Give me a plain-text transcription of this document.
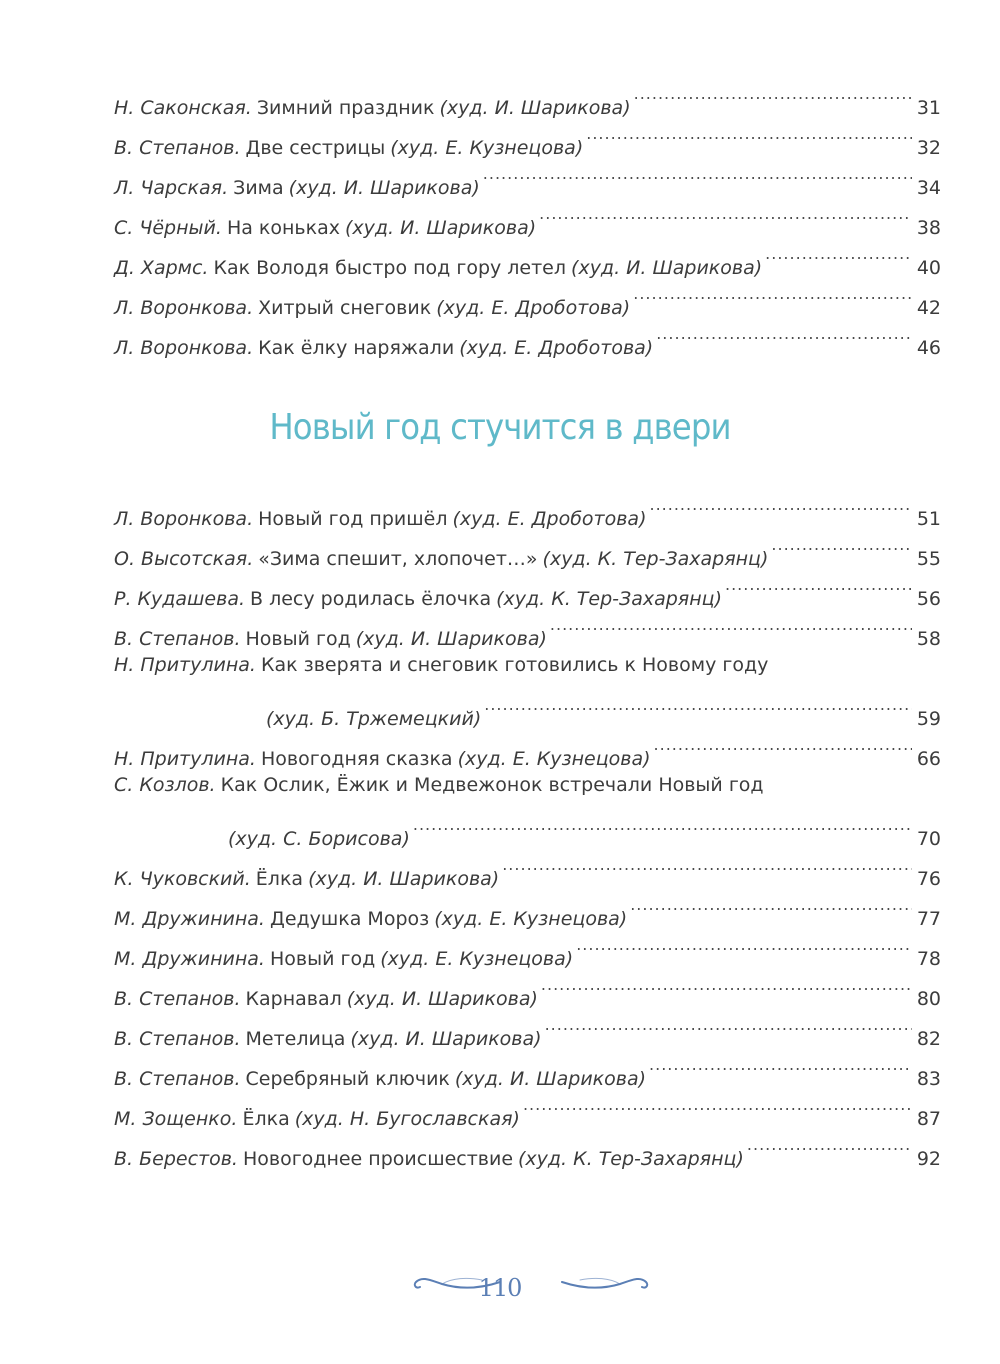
Н. Саконская. Зимний праздник (худ. И. Шарикова) .....	31
В. Степанов. Две сестрицы (худ. Е. Кузнецова) .....	32
Л. Чарская. Зима (худ. И. Шарикова) .....	34
С. Чёрный. На коньках (худ. И. Шарикова) .....	38
Д. Хармс. Как Володя быстро под гору летел (худ. И. Шарикова) .....	40
Л. Воронкова. Хитрый снеговик (худ. Е. Дроботова) .....	42
Л. Воронкова. Как ёлку наряжали (худ. Е. Дроботова) .....	46
Новый год стучится в двери
Л. Воронкова. Новый год пришёл (худ. Е. Дроботова) .....	51
О. Высотская. «Зима спешит, хлопочет…» (худ. К. Тер-Захарянц) .....	55
Р. Кудашева. В лесу родилась ёлочка (худ. К. Тер-Захарянц) .....	56
В. Степанов. Новый год (худ. И. Шарикова) .....	58
Н. Притулина. Как зверята и снеговик готовились к Новому году
(худ. Б. Тржемецкий) .....	59
Н. Притулина. Новогодняя сказка (худ. Е. Кузнецова) .....	66
С. Козлов. Как Ослик, Ёжик и Медвежонок встречали Новый год
(худ. С. Борисова) .....	70
К. Чуковский. Ёлка (худ. И. Шарикова) .....	76
М. Дружинина. Дедушка Мороз (худ. Е. Кузнецова) .....	77
М. Дружинина. Новый год (худ. Е. Кузнецова) .....	78
В. Степанов. Карнавал (худ. И. Шарикова) .....	80
В. Степанов. Метелица (худ. И. Шарикова) .....	82
В. Степанов. Серебряный ключик (худ. И. Шарикова) .....	83
М. Зощенко. Ёлка (худ. Н. Бугославская) .....	87
В. Берестов. Новогоднее происшествие (худ. К. Тер-Захарянц) .....	92
110
